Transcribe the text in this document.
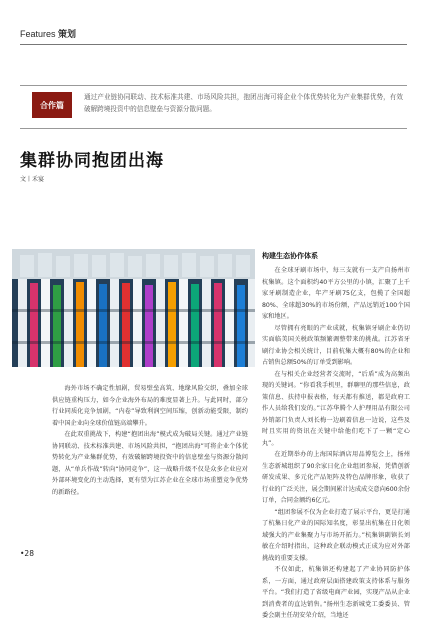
Features 策划
合作篇
通过产业链协同联动、技术标准共建、市场风险共担，抱团出海可将企业个体优势转化为产业集群优势，有效破解跨境投资中的信息壁垒与资源分散问题。
集群协同抱团出海
文丨禾宴

海外市场不确定性加剧，贸易壁垒高筑、地缘风险交织，叠加全球供应链重构压力，如今企业海外布局的难度显著上升。与此同时，部分行业同质化竞争加剧，“内卷”导致利润空间压缩，创新动能受限，制约着中国企业向全球价值链高端攀升。

在此双重挑战下，构建“抱团出海”模式成为破局关键。通过产业链协同联动、技术标准共建、市场风险共担，“抱团出海”可将企业个体优势转化为产业集群优势，有效破解跨境投资中的信息壁垒与资源分散问题，从“单兵作战”转向“协同竞争”，这一战略升级不仅是众多企业应对外部环境变化的主动选择，更有望为江苏企业在全球市场重塑竞争优势的新路径。

构建生态协作体系

在全球牙刷市场中，每三支就有一支产自扬州市杭集镇。这个面积约40平方公里的小镇，汇聚了上千家牙刷制造企业，年产牙刷75亿支，包揽了全国超80%、全球超30%的市场份额，产品远销近100个国家和地区。

尽管拥有亮眼的产业成就，杭集镇牙刷企业仍切实面临美国关税政策频繁调整带来的挑战。江苏省牙刷行业协会相关统计，目前杭集大概有80%的企业和占销售总额50%的订单受到影响。

在与相关企业经营者交流时，“后盾”成为高频出现的关键词。“你看我手机里，群聊里的那些信息，政策信息、扶持申报表格，每天都有推送，都是政府工作人员给我们发的。”江苏华腾个人护理用品有限公司外销部门负责人刘长梅一边刷着信息一边说，这些及时且实用的资讯在关键中给他们吃下了一颗“定心丸”。

在近期举办的上海国际酒店用品博览会上，扬州生态新城组织了90余家日化企业组团参展，凭借创新研发成果、多元化产品矩阵及特色品牌形象，收获了行业的广泛关注，展会期间累计达成成交意向600余份订单，合同金额约6亿元。

“组团参展不仅为企业打造了展示平台，更是打通了杭集日化产业的国际知名度，彰显出杭集在日化领域强大的产业集聚力与市场开拓力。”杭集镇副镇长刘敏在介绍时指出，这种政企联动模式正成为应对外部挑战的重要支撑。

不仅如此，杭集镇还构建起了产业协同防护体系，一方面，通过政府层面搭建政策支持体系与服务平台。“我们打造了省级电商产业园，实现产品从企业到消费者的直达销售。”扬州生态新城党工委委员、管委会副主任胡安荣介绍，当地还

•28
